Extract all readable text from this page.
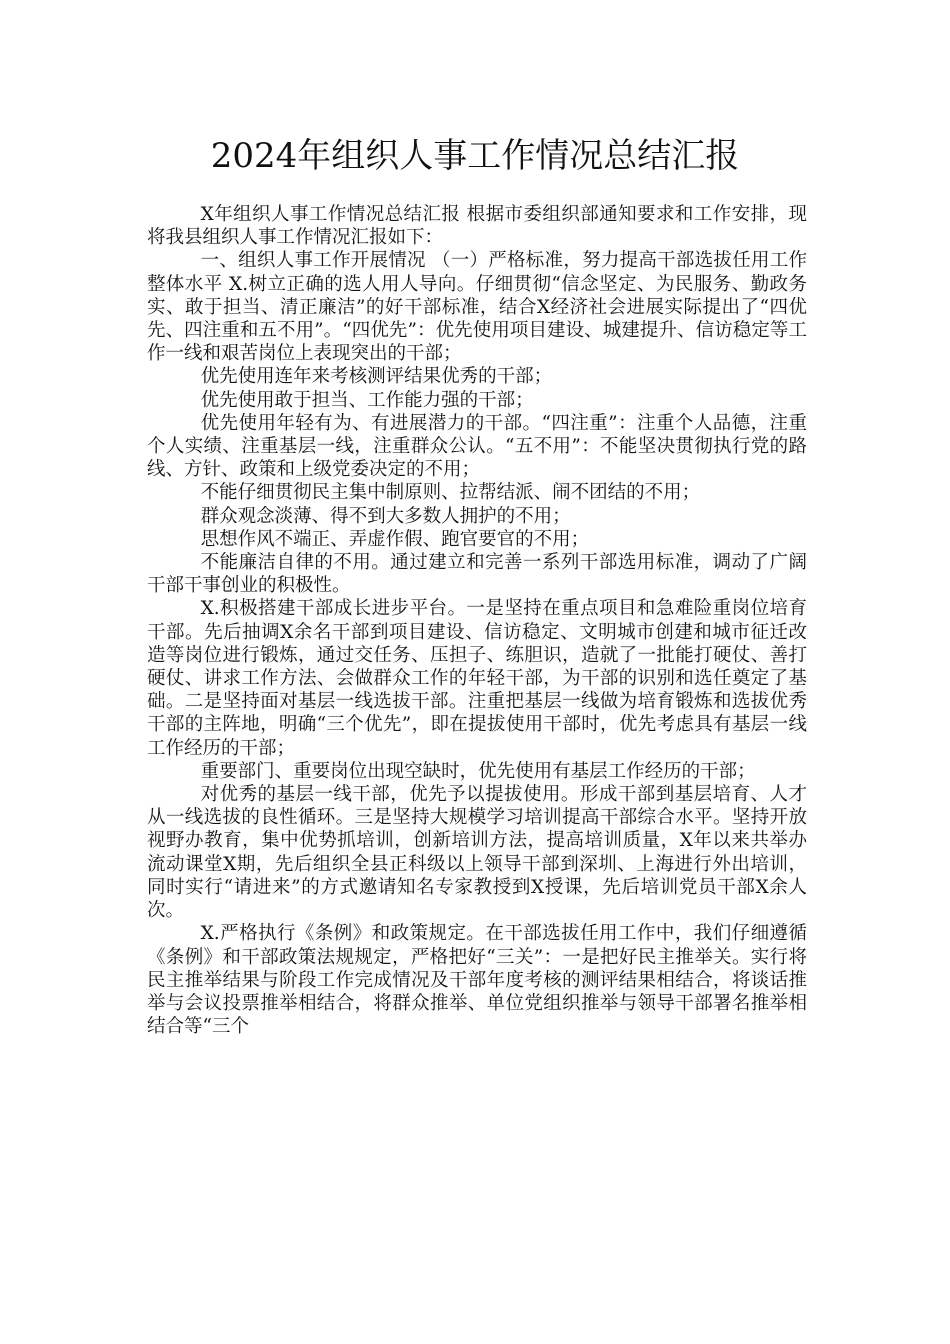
2024年组织人事工作情况总结汇报

X年组织人事工作情况总结汇报 根据市委组织部通知要求和工作安排，现将我县组织人事工作情况汇报如下：

一、组织人事工作开展情况 （一）严格标准，努力提高干部选拔任用工作整体水平 X.树立正确的选人用人导向。仔细贯彻“信念坚定、为民服务、勤政务实、敢于担当、清正廉洁”的好干部标准，结合X经济社会进展实际提出了“四优先、四注重和五不用”。“四优先”：优先使用项目建设、城建提升、信访稳定等工作一线和艰苦岗位上表现突出的干部；

优先使用连年来考核测评结果优秀的干部；

优先使用敢于担当、工作能力强的干部；

优先使用年轻有为、有进展潜力的干部。“四注重”：注重个人品德，注重个人实绩、注重基层一线，注重群众公认。“五不用”：不能坚决贯彻执行党的路线、方针、政策和上级党委决定的不用；

不能仔细贯彻民主集中制原则、拉帮结派、闹不团结的不用；

群众观念淡薄、得不到大多数人拥护的不用；

思想作风不端正、弄虚作假、跑官要官的不用；

不能廉洁自律的不用。通过建立和完善一系列干部选用标准，调动了广阔干部干事创业的积极性。

X.积极搭建干部成长进步平台。一是坚持在重点项目和急难险重岗位培育干部。先后抽调X余名干部到项目建设、信访稳定、文明城市创建和城市征迁改造等岗位进行锻炼，通过交任务、压担子、练胆识，造就了一批能打硬仗、善打硬仗、讲求工作方法、会做群众工作的年轻干部，为干部的识别和选任奠定了基础。二是坚持面对基层一线选拔干部。注重把基层一线做为培育锻炼和选拔优秀干部的主阵地，明确“三个优先”，即在提拔使用干部时，优先考虑具有基层一线工作经历的干部；

重要部门、重要岗位出现空缺时，优先使用有基层工作经历的干部；

对优秀的基层一线干部，优先予以提拔使用。形成干部到基层培育、人才从一线选拔的良性循环。三是坚持大规模学习培训提高干部综合水平。坚持开放视野办教育，集中优势抓培训，创新培训方法，提高培训质量，X年以来共举办流动课堂X期，先后组织全县正科级以上领导干部到深圳、上海进行外出培训，同时实行“请进来”的方式邀请知名专家教授到X授课，先后培训党员干部X余人次。

X.严格执行《条例》和政策规定。在干部选拔任用工作中，我们仔细遵循《条例》和干部政策法规规定，严格把好“三关”：一是把好民主推举关。实行将民主推举结果与阶段工作完成情况及干部年度考核的测评结果相结合，将谈话推举与会议投票推举相结合，将群众推举、单位党组织推举与领导干部署名推举相结合等“三个
